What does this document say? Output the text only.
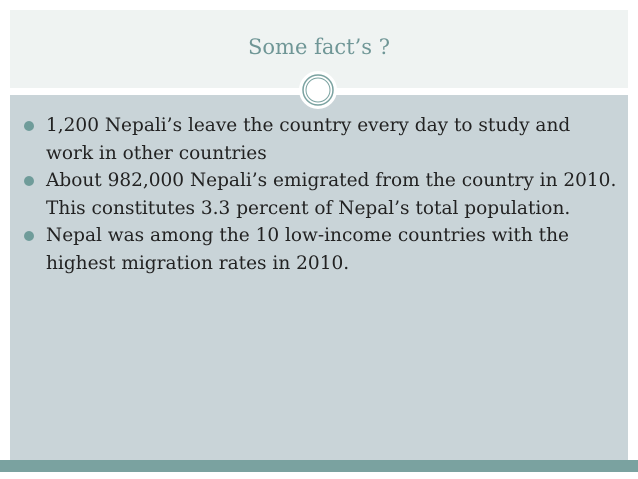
Some fact’s ?
1,200 Nepali’s leave the country every day to study and work in other countries
About 982,000 Nepali’s emigrated from the country in 2010. This constitutes 3.3 percent of Nepal’s total population.
Nepal was among the 10 low-income countries with the highest migration rates in 2010.
